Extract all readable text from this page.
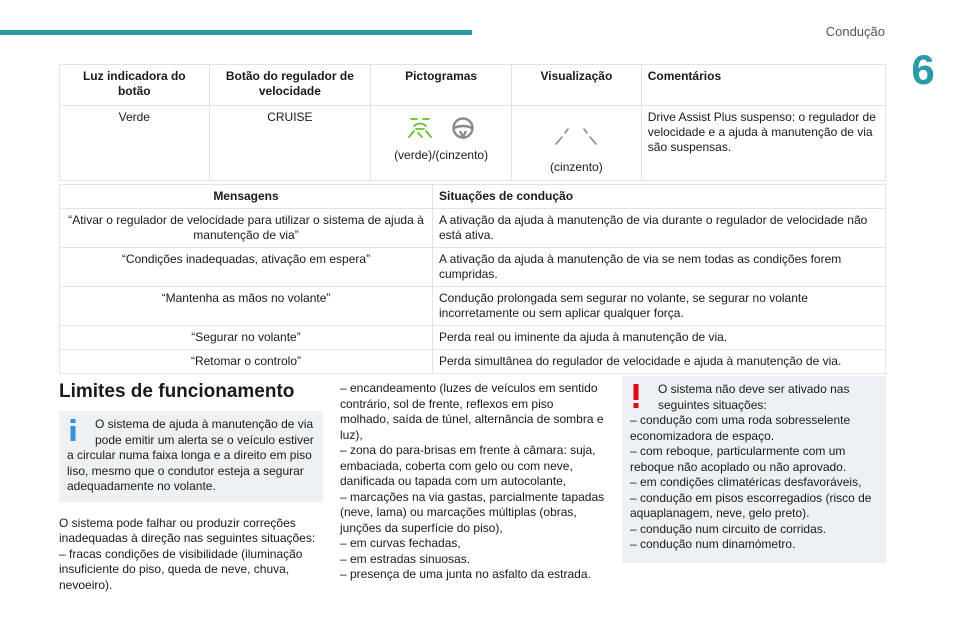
Condução
6
Luz indicadora do botão	Botão do regulador de velocidade	Pictogramas	Visualização	Comentários
Verde	CRUISE	(verde)/(cinzento)	(cinzento)	Drive Assist Plus suspenso: o regulador de velocidade e a ajuda à manutenção de via são suspensas.
Mensagens	Situações de condução
“Ativar o regulador de velocidade para utilizar o sistema de ajuda à manutenção de via”	A ativação da ajuda à manutenção de via durante o regulador de velocidade não está ativa.
“Condições inadequadas, ativação em espera”	A ativação da ajuda à manutenção de via se nem todas as condições forem cumpridas.
“Mantenha as mãos no volante”	Condução prolongada sem segurar no volante, se segurar no volante incorretamente ou sem aplicar qualquer força.
“Segurar no volante”	Perda real ou iminente da ajuda à manutenção de via.
“Retomar o controlo”	Perda simultânea do regulador de velocidade e ajuda à manutenção de via.
Limites de funcionamento
O sistema de ajuda à manutenção de via pode emitir um alerta se o veículo estiver
a circular numa faixa longa e a direito em piso liso, mesmo que o condutor esteja a segurar adequadamente no volante.

O sistema pode falhar ou produzir correções inadequadas à direção nas seguintes situações:

– fracas condições de visibilidade (iluminação insuficiente do piso, queda de neve, chuva, nevoeiro).

– encandeamento (luzes de veículos em sentido contrário, sol de frente, reflexos em piso molhado, saída de túnel, alternância de sombra e luz),

– zona do para-brisas em frente à câmara: suja, embaciada, coberta com gelo ou com neve, danificada ou tapada com um autocolante,

– marcações na via gastas, parcialmente tapadas (neve, lama) ou marcações múltiplas (obras, junções da superfície do piso),

– em curvas fechadas,

– em estradas sinuosas.

– presença de uma junta no asfalto da estrada.

O sistema não deve ser ativado nas seguintes situações:
– condução com uma roda sobresselente economizadora de espaço.
– com reboque, particularmente com um reboque não acoplado ou não aprovado.
– em condições climatéricas desfavoráveis,
– condução em pisos escorregadios (risco de aquaplanagem, neve, gelo preto).
– condução num circuito de corridas.
– condução num dinamómetro.
